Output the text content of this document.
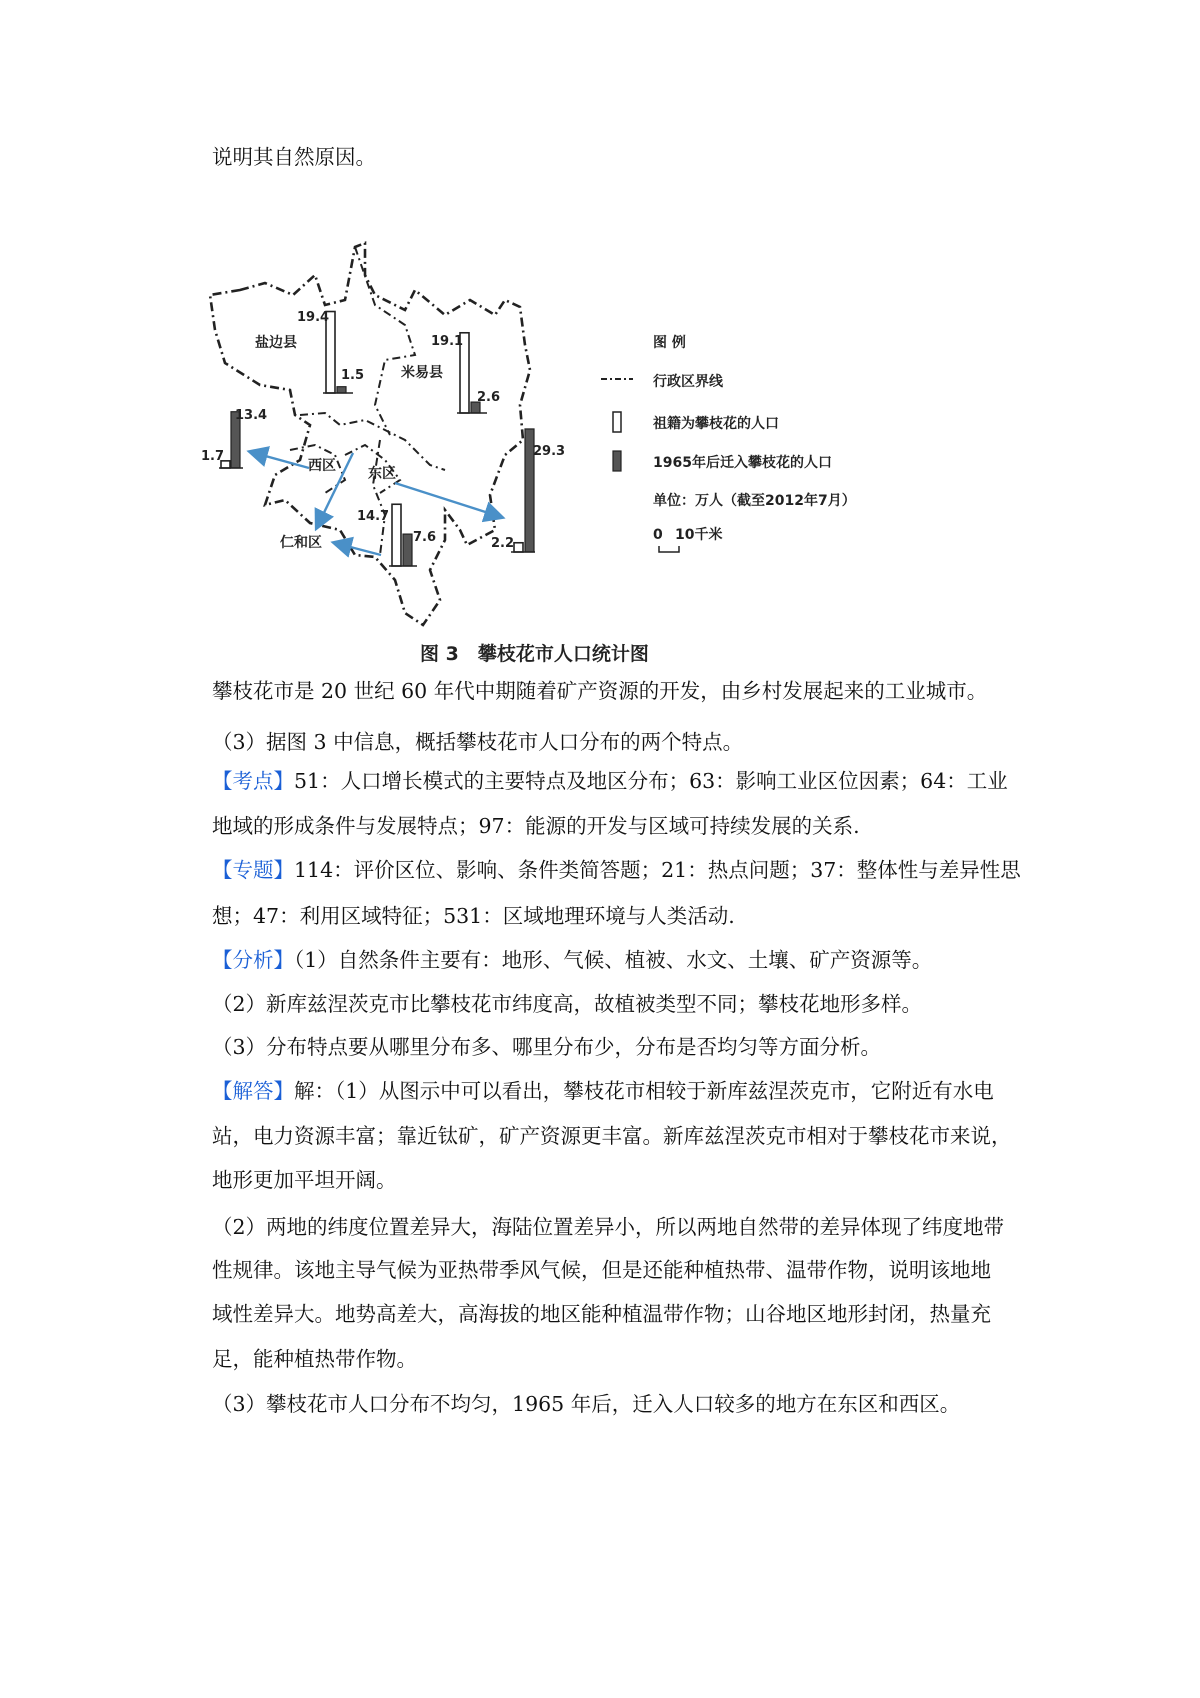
说明其自然原因。
盐边县
米易县
西区 东区
仁和区
19.4
1.5
19.1
2.6
1.7
13.4
2.2
29.3
14.7
7.6
图 例
行政区界线
祖籍为攀枝花的人口
1965年后迁入攀枝花的人口
单位：万人（截至2012年7月）
0 10千米
图 3　攀枝花市人口统计图
攀枝花市是 20 世纪 60 年代中期随着矿产资源的开发，由乡村发展起来的工业城市。
（3）据图 3 中信息，概括攀枝花市人口分布的两个特点。
【考点】51：人口增长模式的主要特点及地区分布；63：影响工业区位因素；64：工业
地域的形成条件与发展特点；97：能源的开发与区域可持续发展的关系.
【专题】114：评价区位、影响、条件类简答题；21：热点问题；37：整体性与差异性思
想；47：利用区域特征；531：区域地理环境与人类活动.
【分析】（1）自然条件主要有：地形、气候、植被、水文、土壤、矿产资源等。
（2）新库兹涅茨克市比攀枝花市纬度高，故植被类型不同；攀枝花地形多样。
（3）分布特点要从哪里分布多、哪里分布少，分布是否均匀等方面分析。
【解答】解：（1）从图示中可以看出，攀枝花市相较于新库兹涅茨克市，它附近有水电
站，电力资源丰富；靠近钛矿，矿产资源更丰富。新库兹涅茨克市相对于攀枝花市来说，
地形更加平坦开阔。
（2）两地的纬度位置差异大，海陆位置差异小，所以两地自然带的差异体现了纬度地带
性规律。该地主导气候为亚热带季风气候，但是还能种植热带、温带作物，说明该地地
域性差异大。地势高差大，高海拔的地区能种植温带作物；山谷地区地形封闭，热量充
足，能种植热带作物。
（3）攀枝花市人口分布不均匀，1965 年后，迁入人口较多的地方在东区和西区。
